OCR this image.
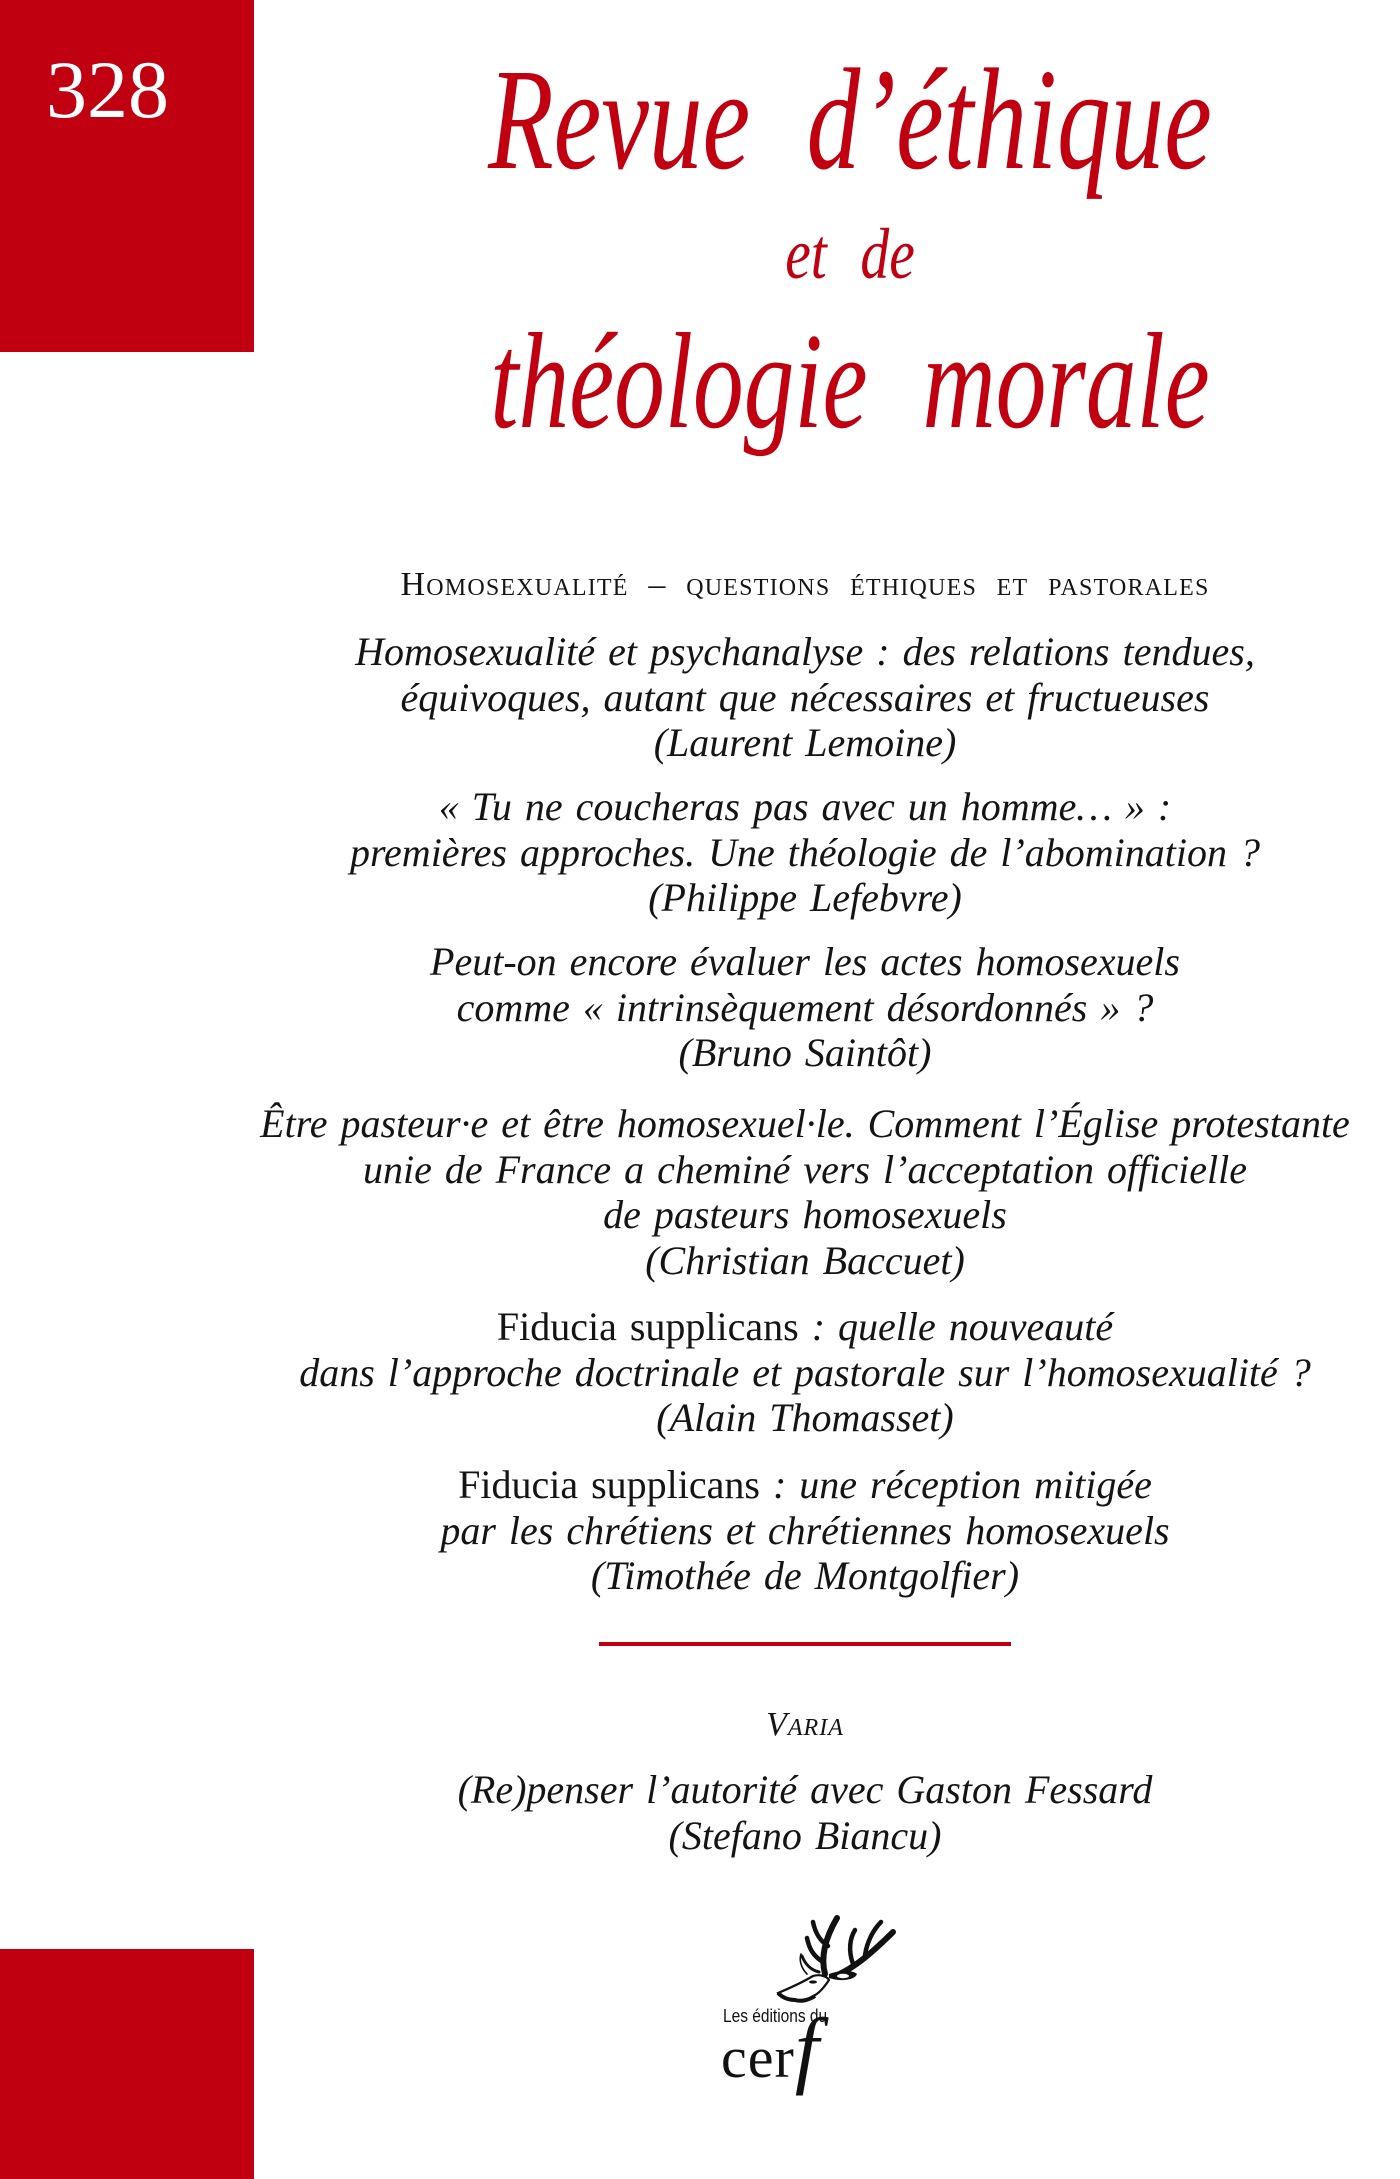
328	Revue d’éthique
et de
théologie morale
Homosexualité – questions éthiques et pastorales
Homosexualité et psychanalyse : des relations tendues,
équivoques, autant que nécessaires et fructueuses
(Laurent Lemoine)
« Tu ne coucheras pas avec un homme… » :
premières approches. Une théologie de l’abomination ?
(Philippe Lefebvre)
Peut-on encore évaluer les actes homosexuels
comme « intrinsèquement désordonnés » ?
(Bruno Saintôt)
Être pasteur·e et être homosexuel·le. Comment l’Église protestante
unie de France a cheminé vers l’acceptation officielle
de pasteurs homosexuels
(Christian Baccuet)
Fiducia supplicans : quelle nouveauté
dans l’approche doctrinale et pastorale sur l’homosexualité ?
(Alain Thomasset)
Fiducia supplicans : une réception mitigée
par les chrétiens et chrétiennes homosexuels
(Timothée de Montgolfier)
Varia
(Re)penser l’autorité avec Gaston Fessard
(Stefano Biancu)
Les éditions du
cerf
